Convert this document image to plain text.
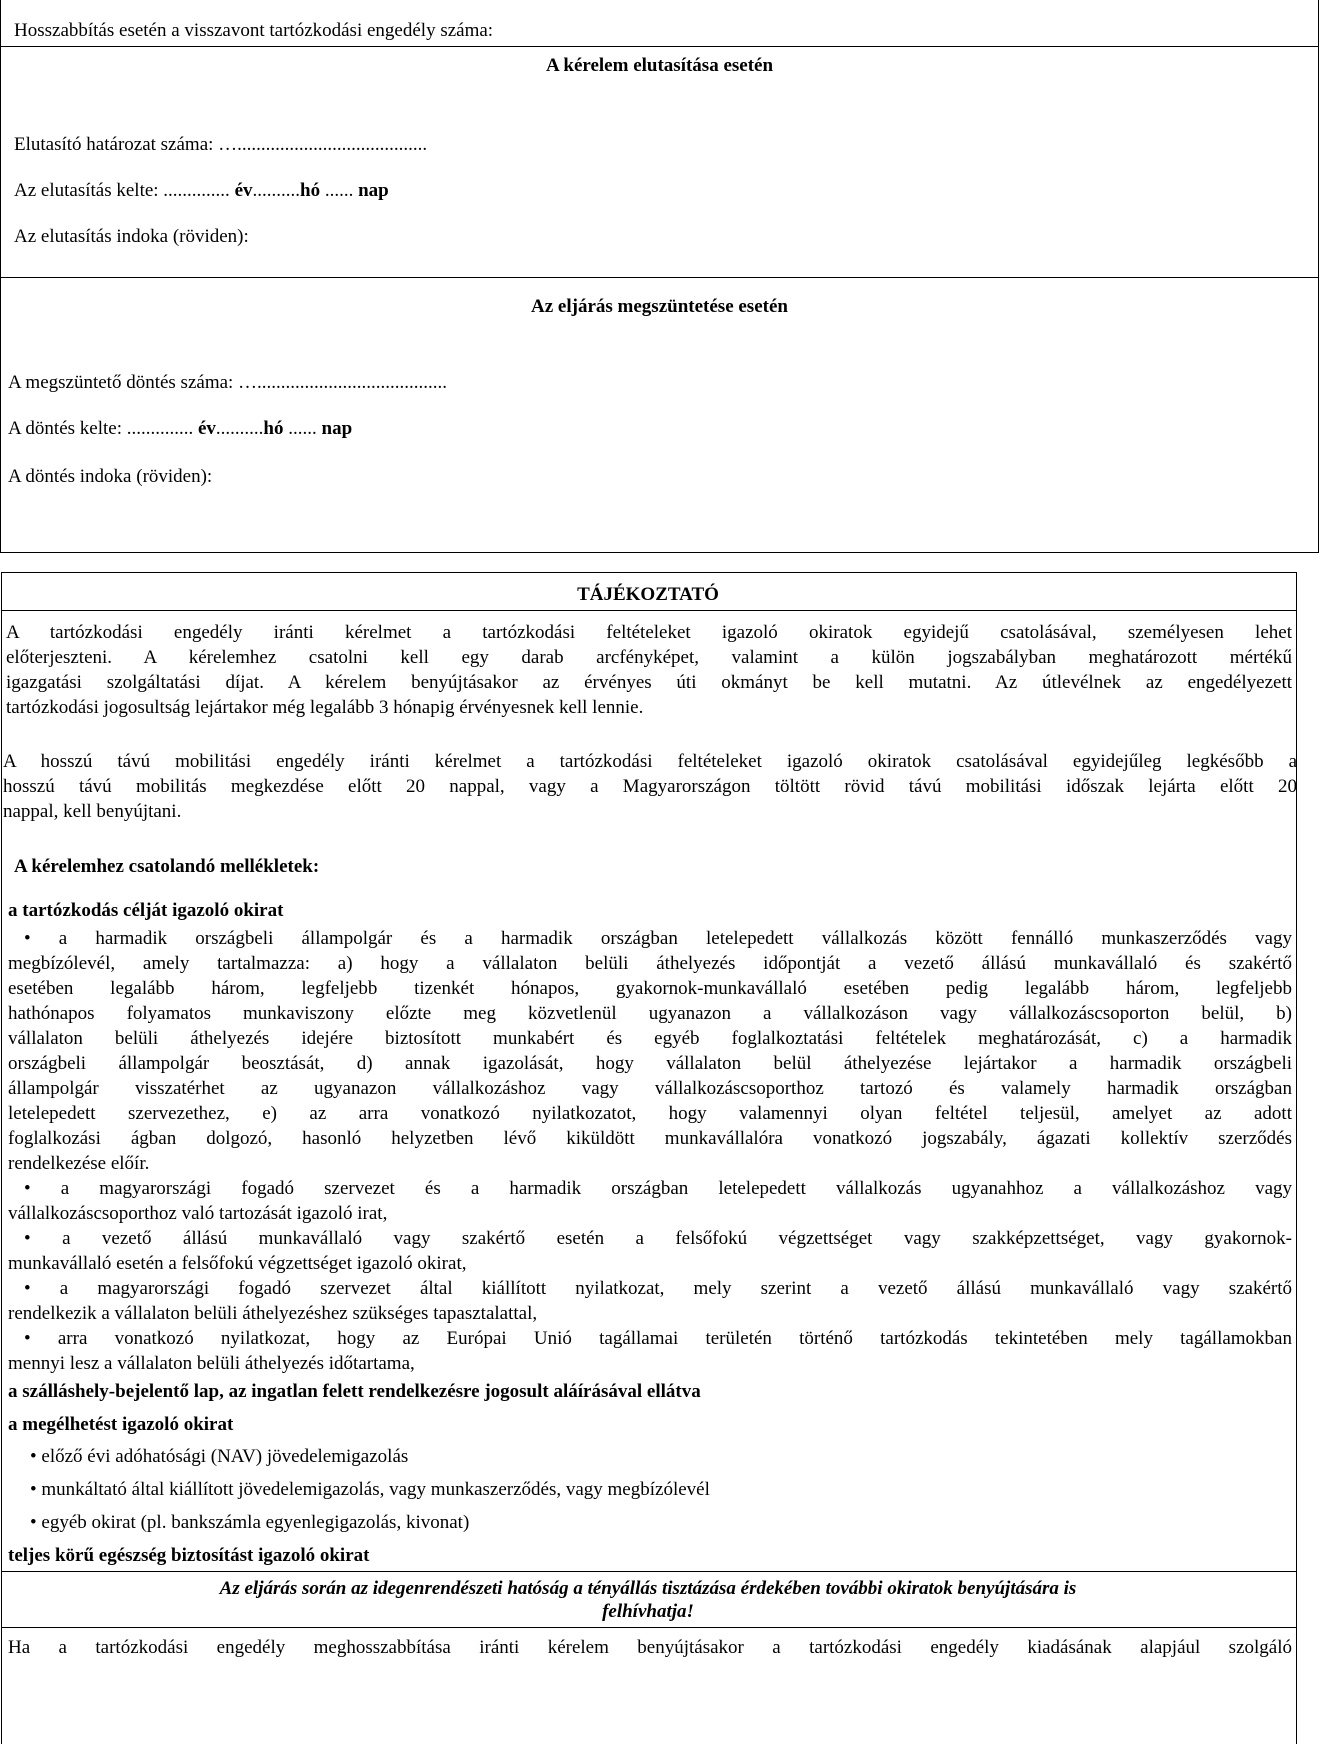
Hosszabbítás esetén a visszavont tartózkodási engedély száma:
A kérelem elutasítása esetén
Elutasító határozat száma: …........................................
Az elutasítás kelte: .............. év..........hó ...... nap
Az elutasítás indoka (röviden):
Az eljárás megszüntetése esetén
A megszüntető döntés száma: …........................................
A döntés kelte: .............. év..........hó ...... nap
A döntés indoka (röviden):
TÁJÉKOZTATÓ
A tartózkodási engedély iránti kérelmet a tartózkodási feltételeket igazoló okiratok egyidejű csatolásával, személyesen lehet
előterjeszteni. A kérelemhez csatolni kell egy darab arcfényképet, valamint a külön jogszabályban meghatározott mértékű
igazgatási szolgáltatási díjat. A kérelem benyújtásakor az érvényes úti okmányt be kell mutatni. Az útlevélnek az engedélyezett
tartózkodási jogosultság lejártakor még legalább 3 hónapig érvényesnek kell lennie.
A hosszú távú mobilitási engedély iránti kérelmet a tartózkodási feltételeket igazoló okiratok csatolásával egyidejűleg legkésőbb a
hosszú távú mobilitás megkezdése előtt 20 nappal, vagy a Magyarországon töltött rövid távú mobilitási időszak lejárta előtt 20
nappal, kell benyújtani.
A kérelemhez csatolandó mellékletek:
a tartózkodás célját igazoló okirat
• a harmadik országbeli állampolgár és a harmadik országban letelepedett vállalkozás között fennálló munkaszerződés vagy
megbízólevél, amely tartalmazza: a) hogy a vállalaton belüli áthelyezés időpontját a vezető állású munkavállaló és szakértő
esetében legalább három, legfeljebb tizenkét hónapos, gyakornok-munkavállaló esetében pedig legalább három, legfeljebb
hathónapos folyamatos munkaviszony előzte meg közvetlenül ugyanazon a vállalkozáson vagy vállalkozáscsoporton belül, b)
vállalaton belüli áthelyezés idejére biztosított munkabért és egyéb foglalkoztatási feltételek meghatározását, c) a harmadik
országbeli állampolgár beosztását, d) annak igazolását, hogy vállalaton belül áthelyezése lejártakor a harmadik országbeli
állampolgár visszatérhet az ugyanazon vállalkozáshoz vagy vállalkozáscsoporthoz tartozó és valamely harmadik országban
letelepedett szervezethez, e) az arra vonatkozó nyilatkozatot, hogy valamennyi olyan feltétel teljesül, amelyet az adott
foglalkozási ágban dolgozó, hasonló helyzetben lévő kiküldött munkavállalóra vonatkozó jogszabály, ágazati kollektív szerződés
rendelkezése előír.
• a magyarországi fogadó szervezet és a harmadik országban letelepedett vállalkozás ugyanahhoz a vállalkozáshoz vagy
vállalkozáscsoporthoz való tartozását igazoló irat,
• a vezető állású munkavállaló vagy szakértő esetén a felsőfokú végzettséget vagy szakképzettséget, vagy gyakornok-
munkavállaló esetén a felsőfokú végzettséget igazoló okirat,
• a magyarországi fogadó szervezet által kiállított nyilatkozat, mely szerint a vezető állású munkavállaló vagy szakértő
rendelkezik a vállalaton belüli áthelyezéshez szükséges tapasztalattal,
• arra vonatkozó nyilatkozat, hogy az Európai Unió tagállamai területén történő tartózkodás tekintetében mely tagállamokban
mennyi lesz a vállalaton belüli áthelyezés időtartama,
a szálláshely-bejelentő lap, az ingatlan felett rendelkezésre jogosult aláírásával ellátva
a megélhetést igazoló okirat
• előző évi adóhatósági (NAV) jövedelemigazolás
• munkáltató által kiállított jövedelemigazolás, vagy munkaszerződés, vagy megbízólevél
• egyéb okirat (pl. bankszámla egyenlegigazolás, kivonat)
teljes körű egészség biztosítást igazoló okirat
Az eljárás során az idegenrendészeti hatóság a tényállás tisztázása érdekében további okiratok benyújtására is
felhívhatja!
Ha a tartózkodási engedély meghosszabbítása iránti kérelem benyújtásakor a tartózkodási engedély kiadásának alapjául szolgáló
